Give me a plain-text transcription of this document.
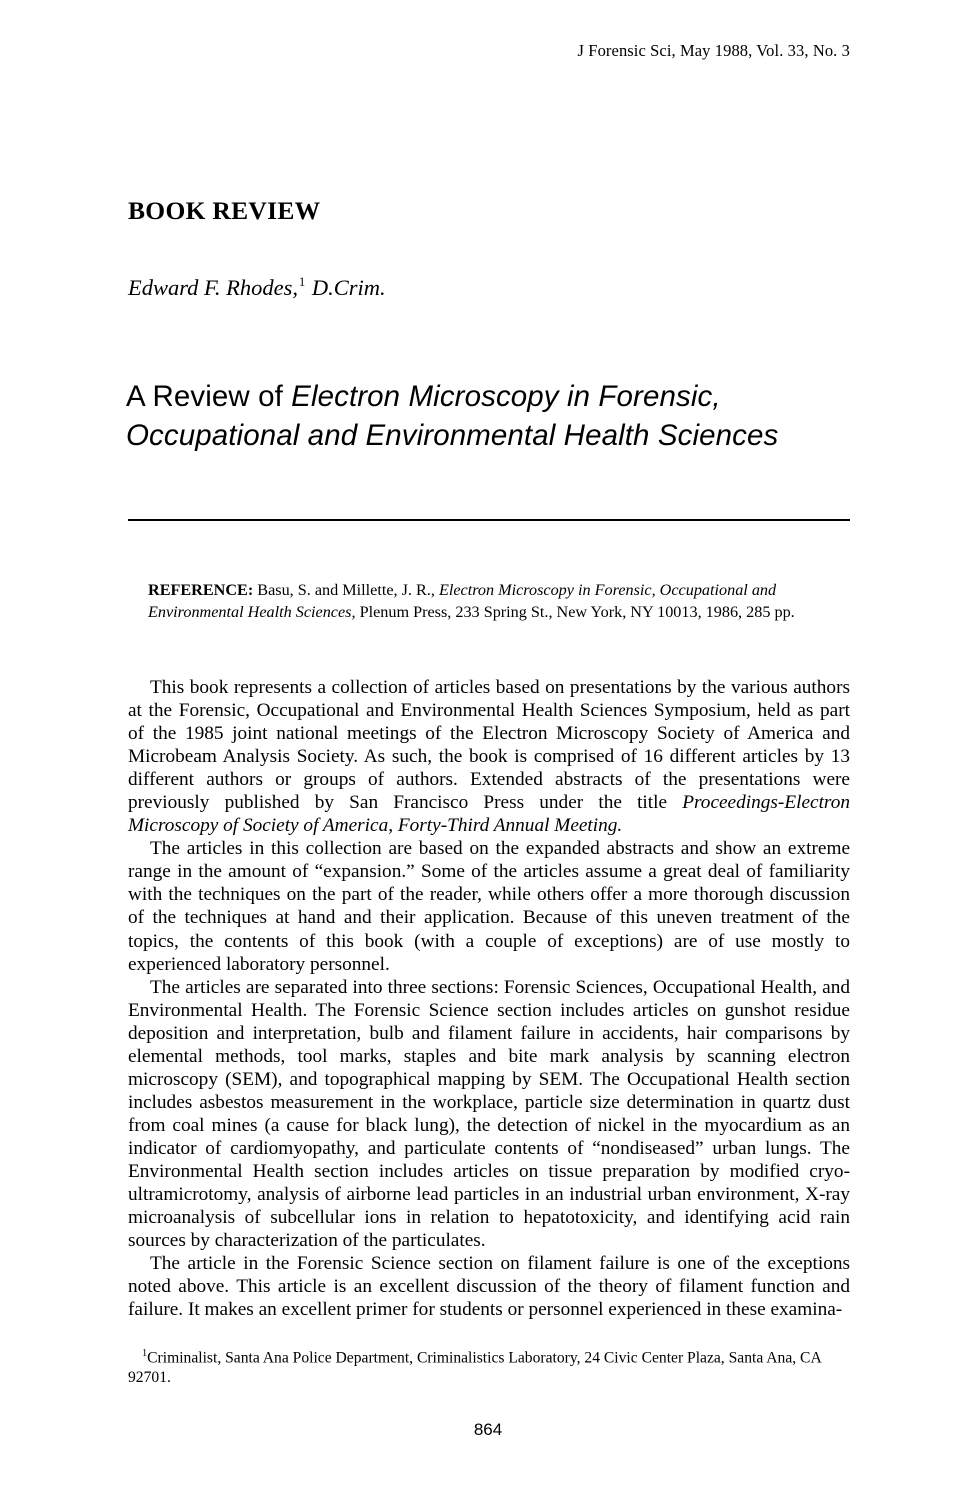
J Forensic Sci, May 1988, Vol. 33, No. 3
BOOK REVIEW
Edward F. Rhodes,$^1$ D.Crim.
A Review of Electron Microscopy in Forensic,
Occupational and Environmental Health Sciences
REFERENCE: Basu, S. and Millette, J. R., Electron Microscopy in Forensic, Occupational and Environmental Health Sciences, Plenum Press, 233 Spring St., New York, NY 10013, 1986, 285 pp.

This book represents a collection of articles based on presentations by the various authors at the Forensic, Occupational and Environmental Health Sciences Symposium, held as part of the 1985 joint national meetings of the Electron Microscopy Society of America and Microbeam Analysis Society. As such, the book is comprised of 16 different articles by 13 different authors or groups of authors. Extended abstracts of the presentations were previously published by San Francisco Press under the title Proceedings-Electron Microscopy of Society of America, Forty-Third Annual Meeting.

The articles in this collection are based on the expanded abstracts and show an extreme range in the amount of “expansion.” Some of the articles assume a great deal of familiarity with the techniques on the part of the reader, while others offer a more thorough discussion of the techniques at hand and their application. Because of this uneven treatment of the topics, the contents of this book (with a couple of exceptions) are of use mostly to experienced laboratory personnel.

The articles are separated into three sections: Forensic Sciences, Occupational Health, and Environmental Health. The Forensic Science section includes articles on gunshot residue deposition and interpretation, bulb and filament failure in accidents, hair comparisons by elemental methods, tool marks, staples and bite mark analysis by scanning electron microscopy (SEM), and topographical mapping by SEM. The Occupational Health section includes asbestos measurement in the workplace, particle size determination in quartz dust from coal mines (a cause for black lung), the detection of nickel in the myocardium as an indicator of cardiomyopathy, and particulate contents of “nondiseased” urban lungs. The Environmental Health section includes articles on tissue preparation by modified cryo-ultramicrotomy, analysis of airborne lead particles in an industrial urban environment, X-ray microanalysis of subcellular ions in relation to hepatotoxicity, and identifying acid rain sources by characterization of the particulates.

The article in the Forensic Science section on filament failure is one of the exceptions noted above. This article is an excellent discussion of the theory of filament function and failure. It makes an excellent primer for students or personnel experienced in these examina-

$^1$Criminalist, Santa Ana Police Department, Criminalistics Laboratory, 24 Civic Center Plaza, Santa Ana, CA 92701.

864
